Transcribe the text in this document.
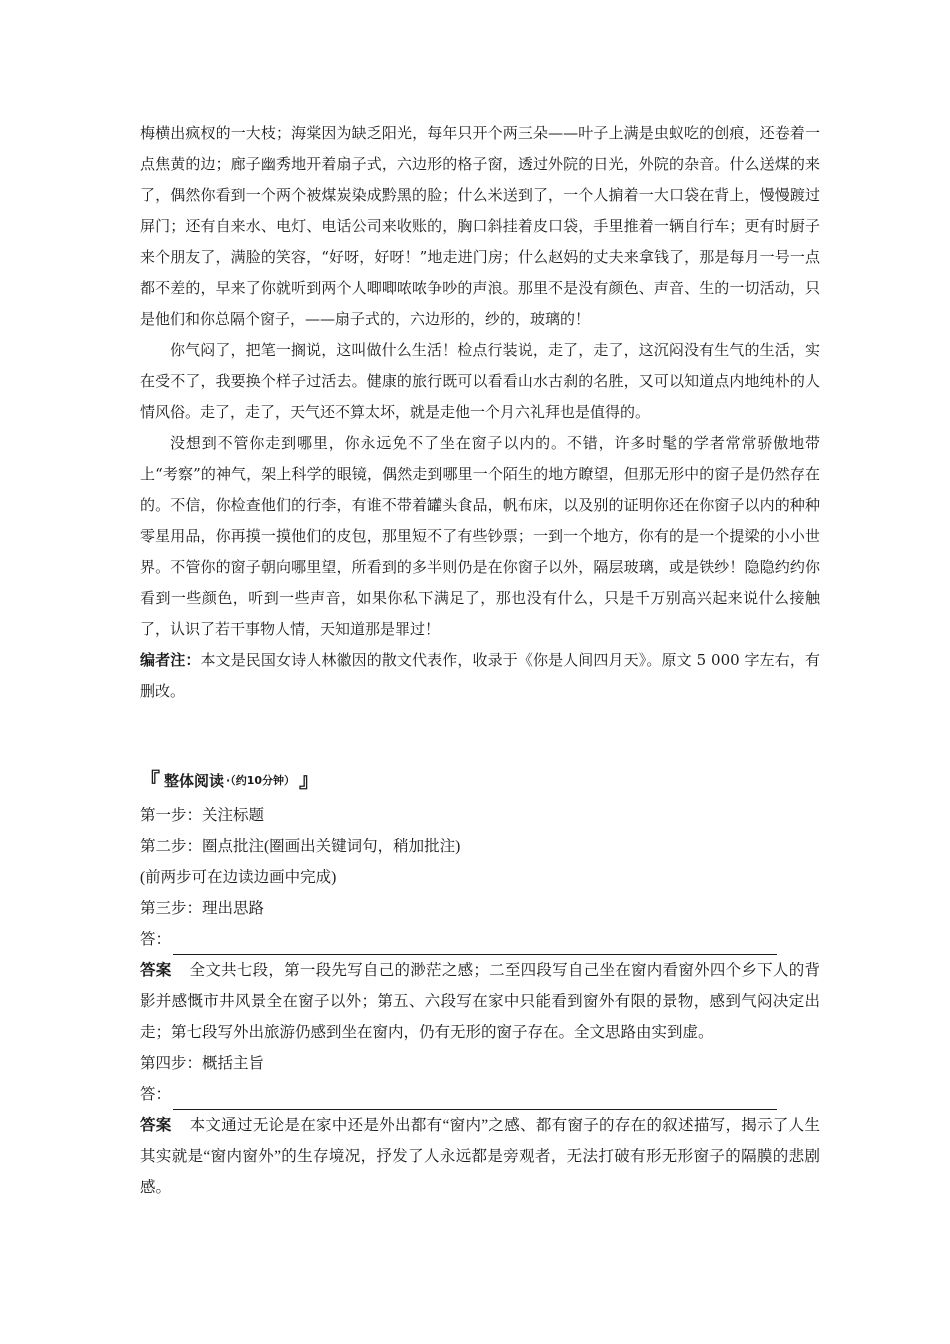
梅横出疯杈的一大枝；海棠因为缺乏阳光，每年只开个两三朵——叶子上满是虫蚁吃的创痕，还卷着一点焦黄的边；廊子幽秀地开着扇子式，六边形的格子窗，透过外院的日光，外院的杂音。什么送煤的来了，偶然你看到一个两个被煤炭染成黔黑的脸；什么米送到了，一个人掮着一大口袋在背上，慢慢踱过屏门；还有自来水、电灯、电话公司来收账的，胸口斜挂着皮口袋，手里推着一辆自行车；更有时厨子来个朋友了，满脸的笑容，“好呀，好呀！”地走进门房；什么赵妈的丈夫来拿钱了，那是每月一号一点都不差的，早来了你就听到两个人唧唧哝哝争吵的声浪。那里不是没有颜色、声音、生的一切活动，只是他们和你总隔个窗子，——扇子式的，六边形的，纱的，玻璃的！

你气闷了，把笔一搁说，这叫做什么生活！检点行装说，走了，走了，这沉闷没有生气的生活，实在受不了，我要换个样子过活去。健康的旅行既可以看看山水古刹的名胜，又可以知道点内地纯朴的人情风俗。走了，走了，天气还不算太坏，就是走他一个月六礼拜也是值得的。

没想到不管你走到哪里，你永远免不了坐在窗子以内的。不错，许多时髦的学者常常骄傲地带上“考察”的神气，架上科学的眼镜，偶然走到哪里一个陌生的地方瞭望，但那无形中的窗子是仍然存在的。不信，你检查他们的行李，有谁不带着罐头食品，帆布床，以及别的证明你还在你窗子以内的种种零星用品，你再摸一摸他们的皮包，那里短不了有些钞票；一到一个地方，你有的是一个提梁的小小世界。不管你的窗子朝向哪里望，所看到的多半则仍是在你窗子以外，隔层玻璃，或是铁纱！隐隐约约你看到一些颜色，听到一些声音，如果你私下满足了，那也没有什么，只是千万别高兴起来说什么接触了，认识了若干事物人情，天知道那是罪过！

编者注：本文是民国女诗人林徽因的散文代表作，收录于《你是人间四月天》。原文 5 000 字左右，有删改。

『 整体阅读 ·（约10分钟） 』

第一步：关注标题

第二步：圈点批注(圈画出关键词句，稍加批注)

(前两步可在边读边画中完成)

第三步：理出思路

答：

答案 全文共七段，第一段先写自己的渺茫之感；二至四段写自己坐在窗内看窗外四个乡下人的背影并感慨市井风景全在窗子以外；第五、六段写在家中只能看到窗外有限的景物，感到气闷决定出走；第七段写外出旅游仍感到坐在窗内，仍有无形的窗子存在。全文思路由实到虚。

第四步：概括主旨

答：

答案 本文通过无论是在家中还是外出都有“窗内”之感、都有窗子的存在的叙述描写，揭示了人生其实就是“窗内窗外”的生存境况，抒发了人永远都是旁观者，无法打破有形无形窗子的隔膜的悲剧感。
